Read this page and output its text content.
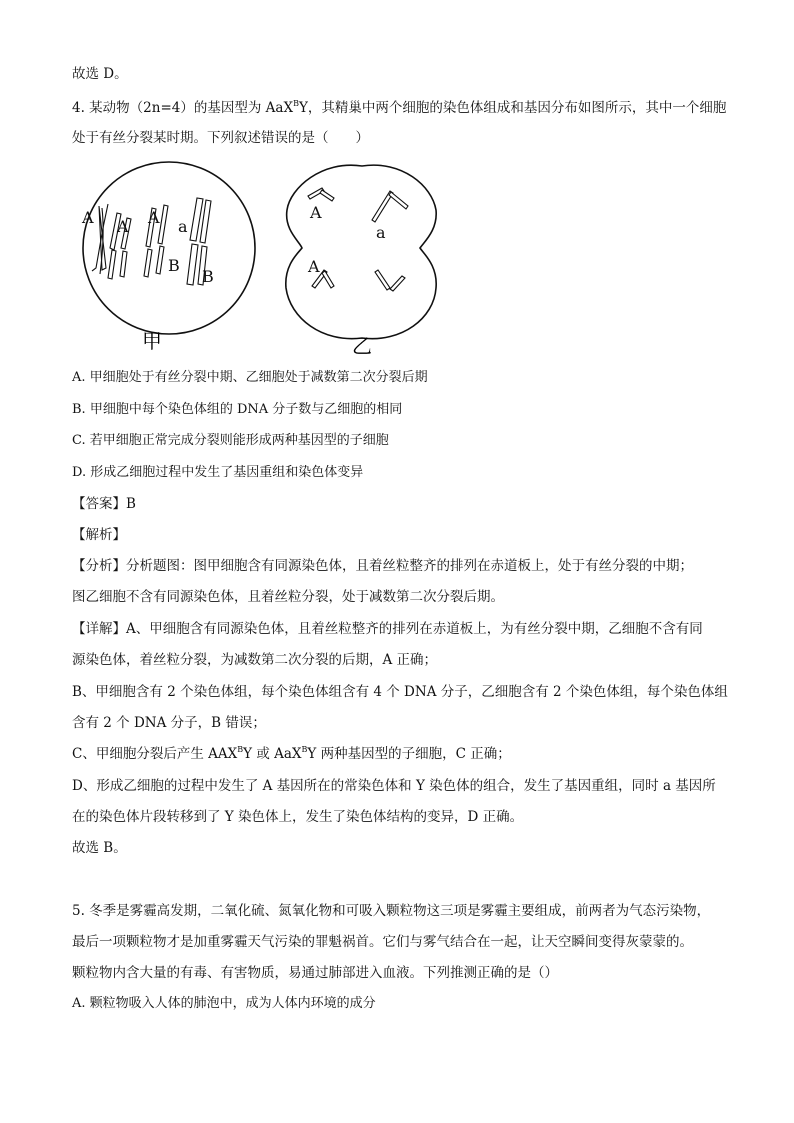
故选 D。
4. 某动物（2n=4）的基因型为 AaX$^B$Y，其精巢中两个细胞的染色体组成和基因分布如图所示，其中一个细胞
处于有丝分裂某时期。下列叙述错误的是（　　）
A A A a
B
B
甲
A
a
A
乙
A. 甲细胞处于有丝分裂中期、乙细胞处于减数第二次分裂后期
B. 甲细胞中每个染色体组的 DNA 分子数与乙细胞的相同
C. 若甲细胞正常完成分裂则能形成两种基因型的子细胞
D. 形成乙细胞过程中发生了基因重组和染色体变异
【答案】B
【解析】
【分析】分析题图：图甲细胞含有同源染色体，且着丝粒整齐的排列在赤道板上，处于有丝分裂的中期；
图乙细胞不含有同源染色体，且着丝粒分裂，处于减数第二次分裂后期。
【详解】A、甲细胞含有同源染色体，且着丝粒整齐的排列在赤道板上，为有丝分裂中期，乙细胞不含有同
源染色体，着丝粒分裂，为减数第二次分裂的后期，A 正确；
B、甲细胞含有 2 个染色体组，每个染色体组含有 4 个 DNA 分子，乙细胞含有 2 个染色体组，每个染色体组
含有 2 个 DNA 分子，B 错误；
C、甲细胞分裂后产生 $AAX^BY$ 或 AaX$^B$Y 两种基因型的子细胞，C 正确；
D、形成乙细胞的过程中发生了 A 基因所在的常染色体和 Y 染色体的组合，发生了基因重组，同时 a 基因所
在的染色体片段转移到了 Y 染色体上，发生了染色体结构的变异，D 正确。
故选 B。
5. 冬季是雾霾高发期，二氧化硫、氮氧化物和可吸入颗粒物这三项是雾霾主要组成，前两者为气态污染物，
最后一项颗粒物才是加重雾霾天气污染的罪魁祸首。它们与雾气结合在一起，让天空瞬间变得灰蒙蒙的。
颗粒物内含大量的有毒、有害物质，易通过肺部进入血液。下列推测正确的是（）
A. 颗粒物吸入人体的肺泡中，成为人体内环境的成分
